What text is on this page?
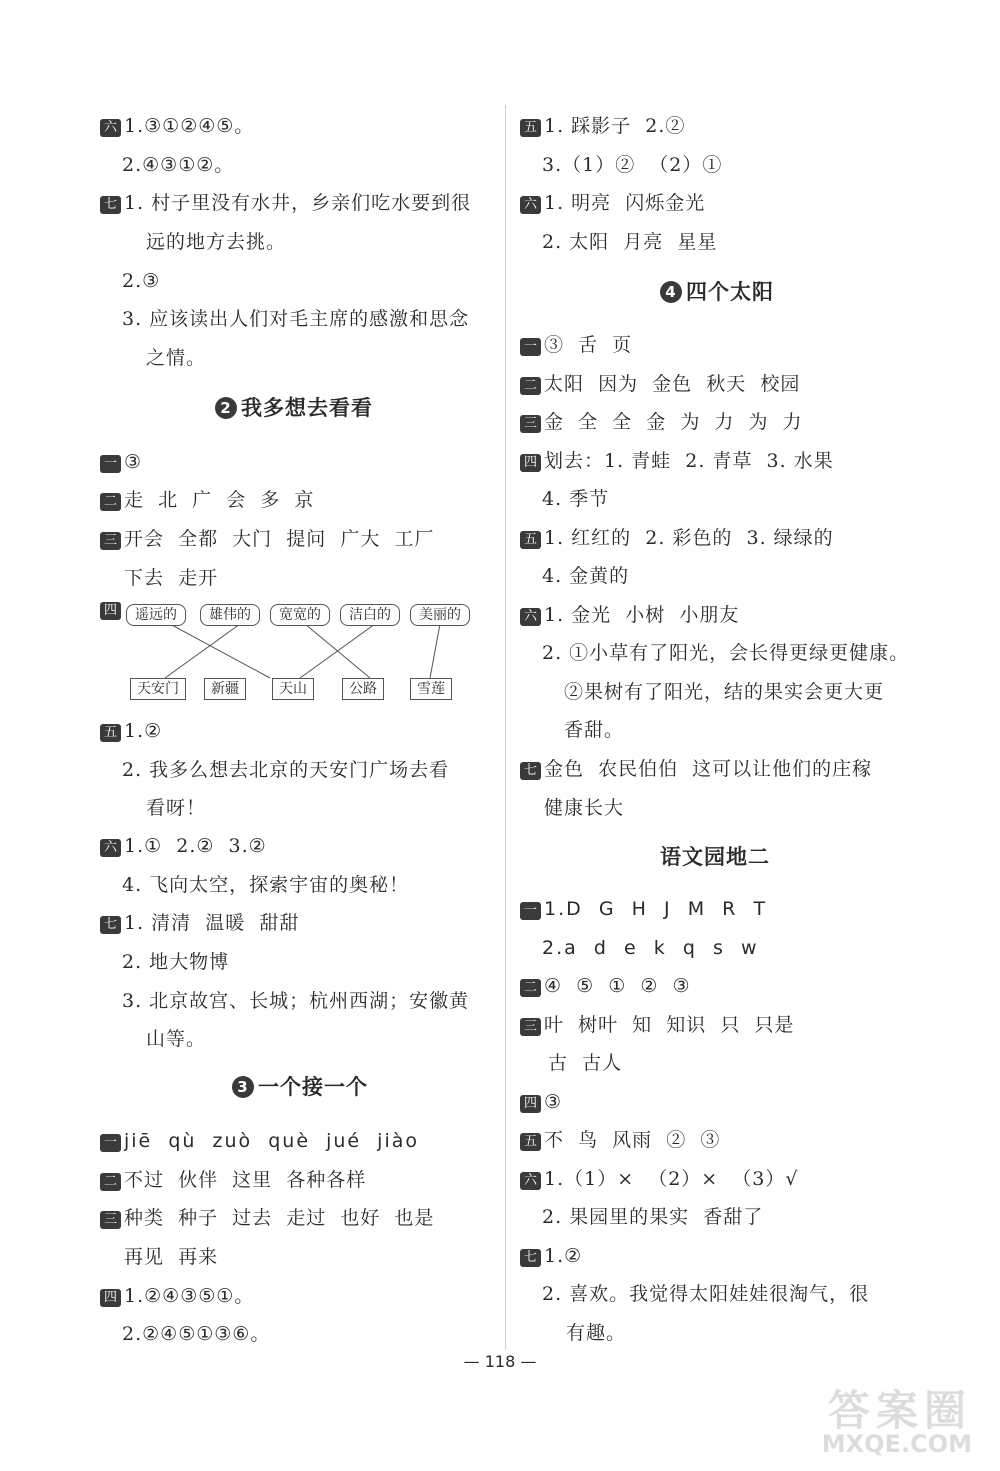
六 1.③①②④⑤。
2.④③①②。
七 1. 村子里没有水井，乡亲们吃水要到很
远的地方去挑。
2.③
3. 应该读出人们对毛主席的感激和思念
之情。
2 我多想去看看
一 ③
二 走  北  广  会  多  京
三 开会  全都  大门  提问  广大  工厂
下去  走开
四	遥远的	雄伟的	宽宽的	洁白的	美丽的
天安门	新疆	天山	公路	雪莲
五 1.②
2. 我多么想去北京的天安门广场去看
看呀！
六 1.①  2.②  3.②
4. 飞向太空，探索宇宙的奥秘！
七 1. 清清  温暖  甜甜
2. 地大物博
3. 北京故宫、长城；杭州西湖；安徽黄
山等。
3 一个接一个
一 jiē  qù  zuò  què  jué  jiào
二 不过  伙伴  这里  各种各样
三 种类  种子  过去  走过  也好  也是
再见  再来
四 1.②④③⑤①。
2.②④⑤①③⑥。
五 1. 踩影子  2.②
3.（1）②  （2）①
六 1. 明亮  闪烁金光
2. 太阳  月亮  星星
4 四个太阳
一 ③  舌  页
二 太阳  因为  金色  秋天  校园
三 金  全  全  金  为  力  为  力
四 划去：1. 青蛙  2. 青草  3. 水果
4. 季节
五 1. 红红的  2. 彩色的  3. 绿绿的
4. 金黄的
六 1. 金光  小树  小朋友
2. ①小草有了阳光，会长得更绿更健康。
②果树有了阳光，结的果实会更大更
香甜。
七 金色  农民伯伯  这可以让他们的庄稼
健康长大
语文园地二
一 1.D  G  H  J  M  R  T
2.a  d  e  k  q  s  w
二 ④  ⑤  ①  ②  ③
三 叶  树叶  知  知识  只  只是
古  古人
四 ③
五 不  鸟  风雨  ②  ③
六 1.（1）×  （2）×  （3）√
2. 果园里的果实  香甜了
七 1.②
2. 喜欢。我觉得太阳娃娃很淘气，很
有趣。
— 118 —
答案圈
MXQE.COM
